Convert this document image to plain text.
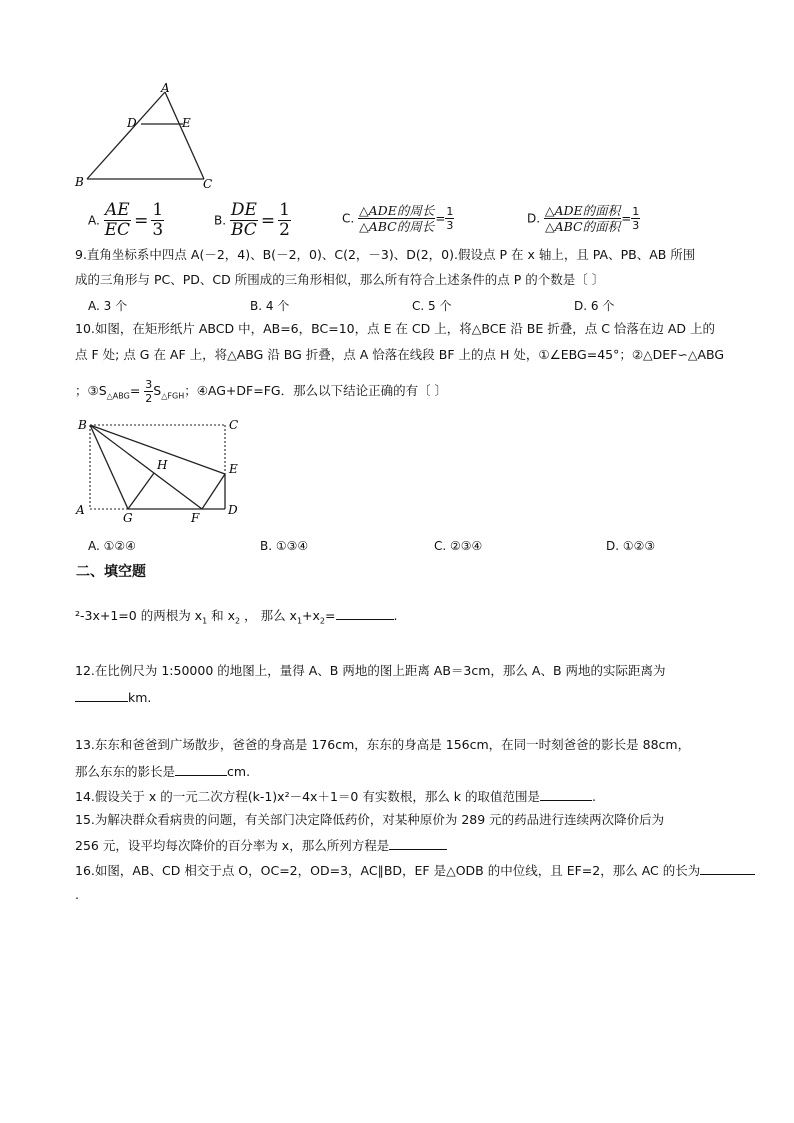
A
D	E
B	C
A. $\frac{AE}{EC} = \frac{1}{3}$	B. $\frac{DE}{BC} = \frac{1}{2}$	C. $\frac{\text{△ADE的周长}}{\text{△ABC的周长}} = \frac{1}{3}$	D. $\frac{\text{△ADE的面积}}{\text{△ABC的面积}} = \frac{1}{3}$
9.直角坐标系中四点 A(－2，4)、B(－2，0)、C(2，－3)、D(2，0).假设点 P 在 x 轴上，且 PA、PB、AB 所围
成的三角形与 PC、PD、CD 所围成的三角形相似，那么所有符合上述条件的点 P 的个数是〔 〕
A. 3 个	B. 4 个	C. 5 个	D. 6 个
10.如图，在矩形纸片 ABCD 中，AB=6，BC=10，点 E 在 CD 上，将△BCE 沿 BE 折叠，点 C 恰落在边 AD 上的
点 F 处; 点 G 在 AF 上，将△ABG 沿 BG 折叠，点 A 恰落在线段 BF 上的点 H 处，①∠EBG=45°；②△DEF∽△ABG
；$③S_{\triangle ABG}= \frac{3}{2} S_{\triangle FGH}$；④AG+DF=FG．那么以下结论正确的有〔 〕
B	C
H	E
A
G	F
D
A. ①②④	B. ①③④	C. ②③④	D. ①②③
二、填空题
²-3x+1=0 的两根为 $x_1$ 和 $x_2$ ， 那么 $x_1+x_2=$	.
12.在比例尺为 1:50000 的地图上，量得 A、B 两地的图上距离 AB＝3cm，那么 A、B 两地的实际距离为
km.
13.东东和爸爸到广场散步，爸爸的身高是 176cm，东东的身高是 156cm，在同一时刻爸爸的影长是 88cm，
那么东东的影长是	cm.
14.假设关于 x 的一元二次方程(k-1)x²－4x＋1＝0 有实数根，那么 k 的取值范围是	.
15.为解决群众看病贵的问题，有关部门决定降低药价，对某种原价为 289 元的药品进行连续两次降价后为
256 元，设平均每次降价的百分率为 x，那么所列方程是
16.如图，AB、CD 相交于点 O，OC=2，OD=3，AC∥BD，EF 是△ODB 的中位线，且 EF=2，那么 AC 的长为
.
